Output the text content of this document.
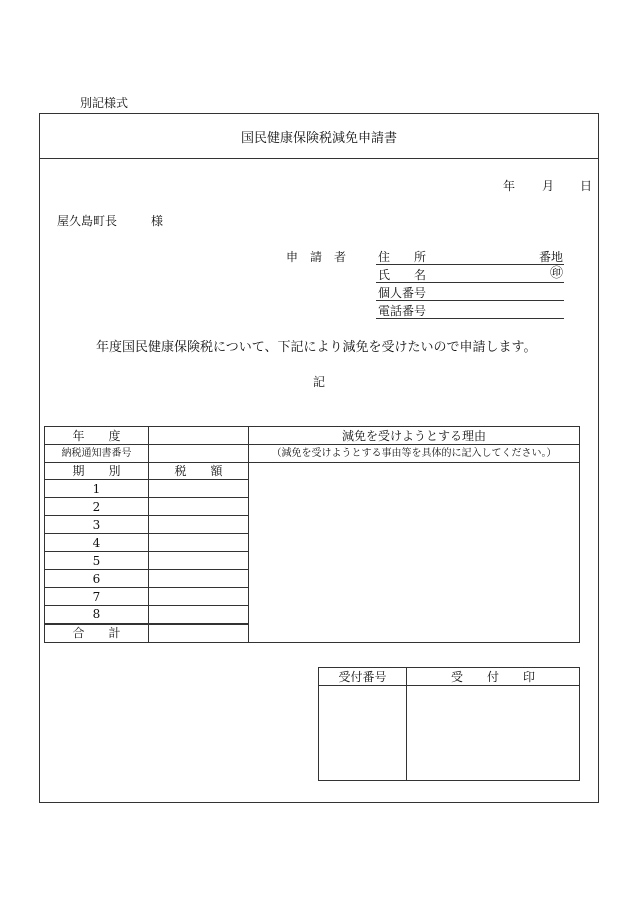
別記様式
国民健康保険税減免申請書
年 月 日
屋久島町長	様
申　請　者	住　　所	番地
氏　　名	㊞
個人番号
電話番号
年度国民健康保険税について、下記により減免を受けたいので申請します。
記
年　　度		減免を受けようとする理由
納税通知書番号		（減免を受けようとする事由等を具体的に記入してください。）
期　　別	税　　額	
1		
2		
3		
4		
5		
6		
7		
8		
合　　計		
受付番号	受　　付　　印
